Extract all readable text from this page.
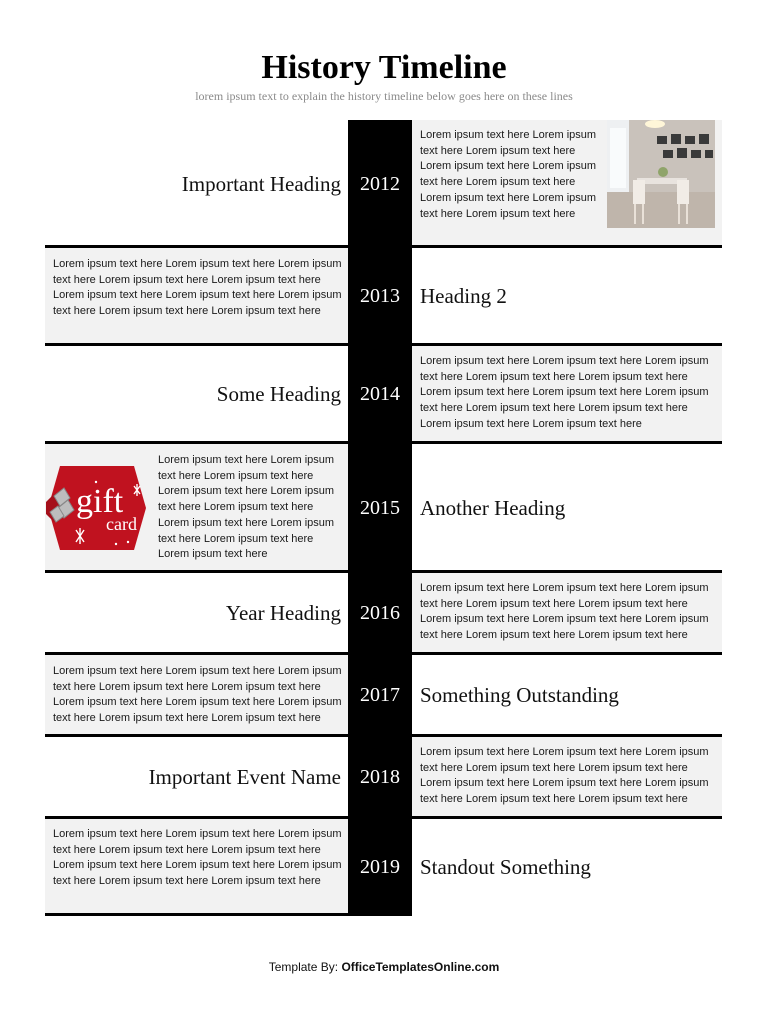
History Timeline
lorem ipsum text to explain the history timeline below goes here on these lines
2012
Important Heading
Lorem ipsum text here Lorem ipsum text here Lorem ipsum text here Lorem ipsum text here Lorem ipsum text here Lorem ipsum text here Lorem ipsum text here Lorem ipsum text here Lorem ipsum text here
2013 Heading 2
Lorem ipsum text here Lorem ipsum text here Lorem ipsum text here Lorem ipsum text here Lorem ipsum text here Lorem ipsum text here Lorem ipsum text here Lorem ipsum text here Lorem ipsum text here Lorem ipsum text here
2014
Some Heading
Lorem ipsum text here Lorem ipsum text here Lorem ipsum text here Lorem ipsum text here Lorem ipsum text here Lorem ipsum text here Lorem ipsum text here Lorem ipsum text here Lorem ipsum text here Lorem ipsum text here Lorem ipsum text here Lorem ipsum text here
2015 Another Heading
Lorem ipsum text here Lorem ipsum text here Lorem ipsum text here Lorem ipsum text here Lorem ipsum text here Lorem ipsum text here Lorem ipsum text here Lorem ipsum text here Lorem ipsum text here Lorem ipsum text here
2016
Year Heading
Lorem ipsum text here Lorem ipsum text here Lorem ipsum text here Lorem ipsum text here Lorem ipsum text here Lorem ipsum text here Lorem ipsum text here Lorem ipsum text here Lorem ipsum text here Lorem ipsum text here
2017 Something Outstanding
Lorem ipsum text here Lorem ipsum text here Lorem ipsum text here Lorem ipsum text here Lorem ipsum text here Lorem ipsum text here Lorem ipsum text here Lorem ipsum text here Lorem ipsum text here Lorem ipsum text here
2018
Important Event Name
Lorem ipsum text here Lorem ipsum text here Lorem ipsum text here Lorem ipsum text here Lorem ipsum text here Lorem ipsum text here Lorem ipsum text here Lorem ipsum text here Lorem ipsum text here Lorem ipsum text here
2019 Standout Something
Lorem ipsum text here Lorem ipsum text here Lorem ipsum text here Lorem ipsum text here Lorem ipsum text here Lorem ipsum text here Lorem ipsum text here Lorem ipsum text here Lorem ipsum text here Lorem ipsum text here
gift
card
Template By: OfficeTemplatesOnline.com
